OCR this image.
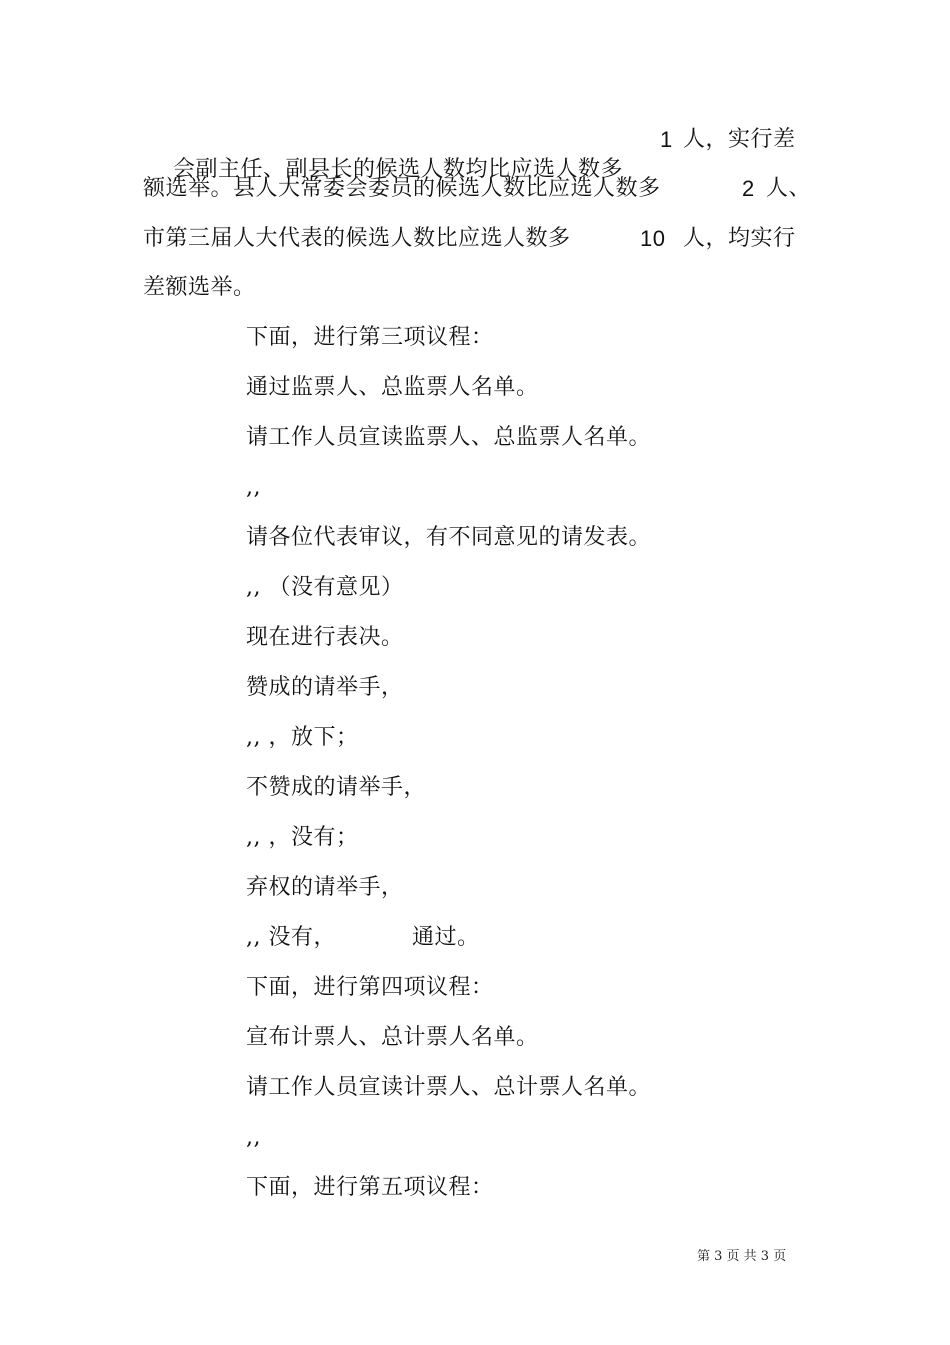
会副主任、副县长的候选人数均比应选人数多

1 人，实行差
额选举。县人大常委会委员的候选人数比应选人数多	2 人、
市第三届人大代表的候选人数比应选人数多	10 人，均实行
差额选举。
下面，进行第三项议程：
通过监票人、总监票人名单。
请工作人员宣读监票人、总监票人名单。
,,
请各位代表审议，有不同意见的请发表。
,, （没有意见）
现在进行表决。
赞成的请举手，
,, ，放下；
不赞成的请举手，
,, ，没有；
弃权的请举手，
,, 没有，	通过。
下面，进行第四项议程：
宣布计票人、总计票人名单。
请工作人员宣读计票人、总计票人名单。
,,
下面，进行第五项议程：
第 3 页 共 3 页
